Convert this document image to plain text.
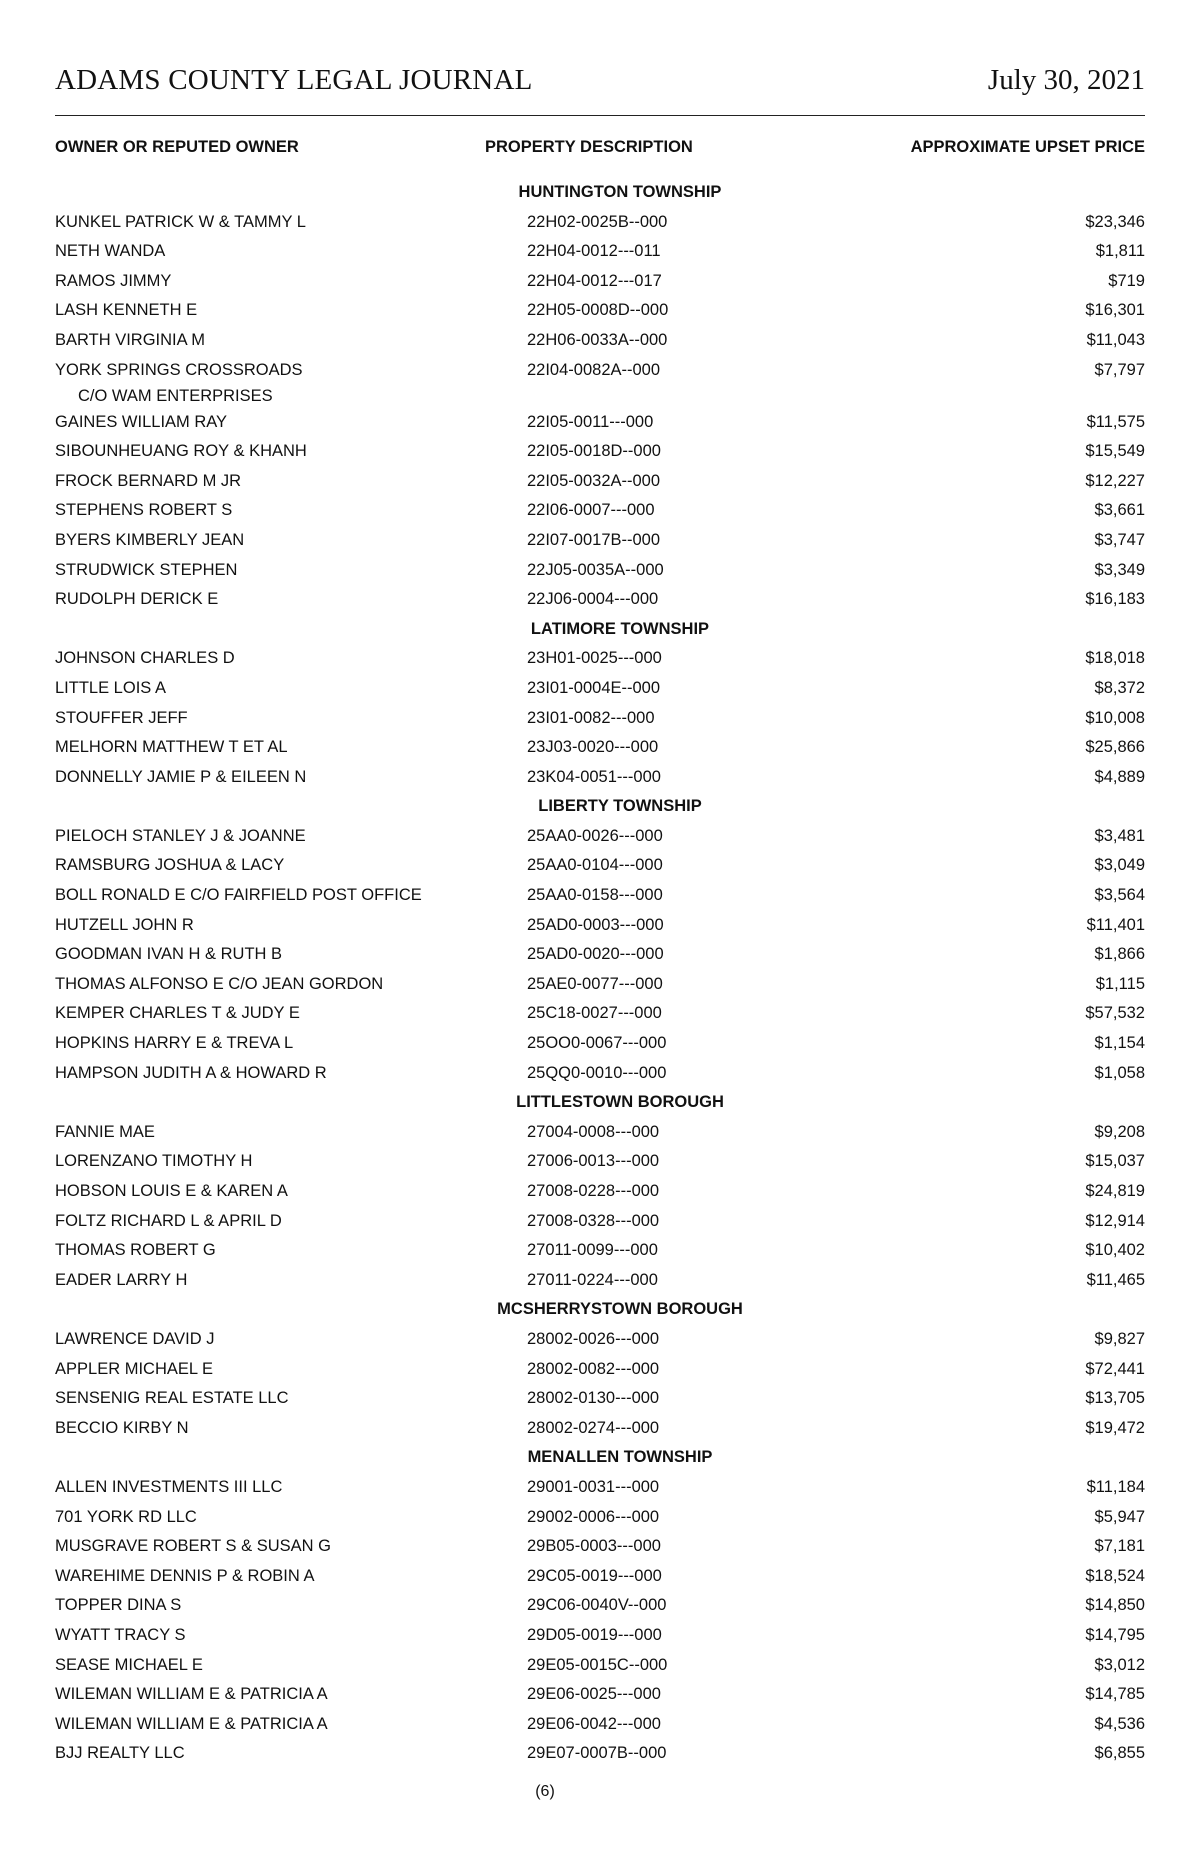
ADAMS COUNTY LEGAL JOURNAL	July 30, 2021
OWNER OR REPUTED OWNER	PROPERTY DESCRIPTION	APPROXIMATE UPSET PRICE
HUNTINGTON TOWNSHIP
KUNKEL PATRICK W & TAMMY L	22H02-0025B--000	$23,346
NETH WANDA	22H04-0012---011	$1,811
RAMOS JIMMY	22H04-0012---017	$719
LASH KENNETH E	22H05-0008D--000	$16,301
BARTH VIRGINIA M	22H06-0033A--000	$11,043
YORK SPRINGS CROSSROADS
C/O WAM ENTERPRISES
22I04-0082A--000	$7,797
GAINES WILLIAM RAY	22I05-0011---000	$11,575
SIBOUNHEUANG ROY & KHANH	22I05-0018D--000	$15,549
FROCK BERNARD M JR	22I05-0032A--000	$12,227
STEPHENS ROBERT S	22I06-0007---000	$3,661
BYERS KIMBERLY JEAN	22I07-0017B--000	$3,747
STRUDWICK STEPHEN	22J05-0035A--000	$3,349
RUDOLPH DERICK E	22J06-0004---000	$16,183
LATIMORE TOWNSHIP
JOHNSON CHARLES D	23H01-0025---000	$18,018
LITTLE LOIS A	23I01-0004E--000	$8,372
STOUFFER JEFF	23I01-0082---000	$10,008
MELHORN MATTHEW T ET AL	23J03-0020---000	$25,866
DONNELLY JAMIE P & EILEEN N	23K04-0051---000	$4,889
LIBERTY TOWNSHIP
PIELOCH STANLEY J & JOANNE	25AA0-0026---000	$3,481
RAMSBURG JOSHUA & LACY	25AA0-0104---000	$3,049
BOLL RONALD E C/O FAIRFIELD POST OFFICE	25AA0-0158---000	$3,564
HUTZELL JOHN R	25AD0-0003---000	$11,401
GOODMAN IVAN H & RUTH B	25AD0-0020---000	$1,866
THOMAS ALFONSO E C/O JEAN GORDON	25AE0-0077---000	$1,115
KEMPER CHARLES T & JUDY E	25C18-0027---000	$57,532
HOPKINS HARRY E & TREVA L	25OO0-0067---000	$1,154
HAMPSON JUDITH A & HOWARD R	25QQ0-0010---000	$1,058
LITTLESTOWN BOROUGH
FANNIE MAE	27004-0008---000	$9,208
LORENZANO TIMOTHY H	27006-0013---000	$15,037
HOBSON LOUIS E & KAREN A	27008-0228---000	$24,819
FOLTZ RICHARD L & APRIL D	27008-0328---000	$12,914
THOMAS ROBERT G	27011-0099---000	$10,402
EADER LARRY H	27011-0224---000	$11,465
MCSHERRYSTOWN BOROUGH
LAWRENCE DAVID J	28002-0026---000	$9,827
APPLER MICHAEL E	28002-0082---000	$72,441
SENSENIG REAL ESTATE LLC	28002-0130---000	$13,705
BECCIO KIRBY N	28002-0274---000	$19,472
MENALLEN TOWNSHIP
ALLEN INVESTMENTS III LLC	29001-0031---000	$11,184
701 YORK RD LLC	29002-0006---000	$5,947
MUSGRAVE ROBERT S & SUSAN G	29B05-0003---000	$7,181
WAREHIME DENNIS P & ROBIN A	29C05-0019---000	$18,524
TOPPER DINA S	29C06-0040V--000	$14,850
WYATT TRACY S	29D05-0019---000	$14,795
SEASE MICHAEL E	29E05-0015C--000	$3,012
WILEMAN WILLIAM E & PATRICIA A	29E06-0025---000	$14,785
WILEMAN WILLIAM E & PATRICIA A	29E06-0042---000	$4,536
BJJ REALTY LLC	29E07-0007B--000	$6,855
(6)
